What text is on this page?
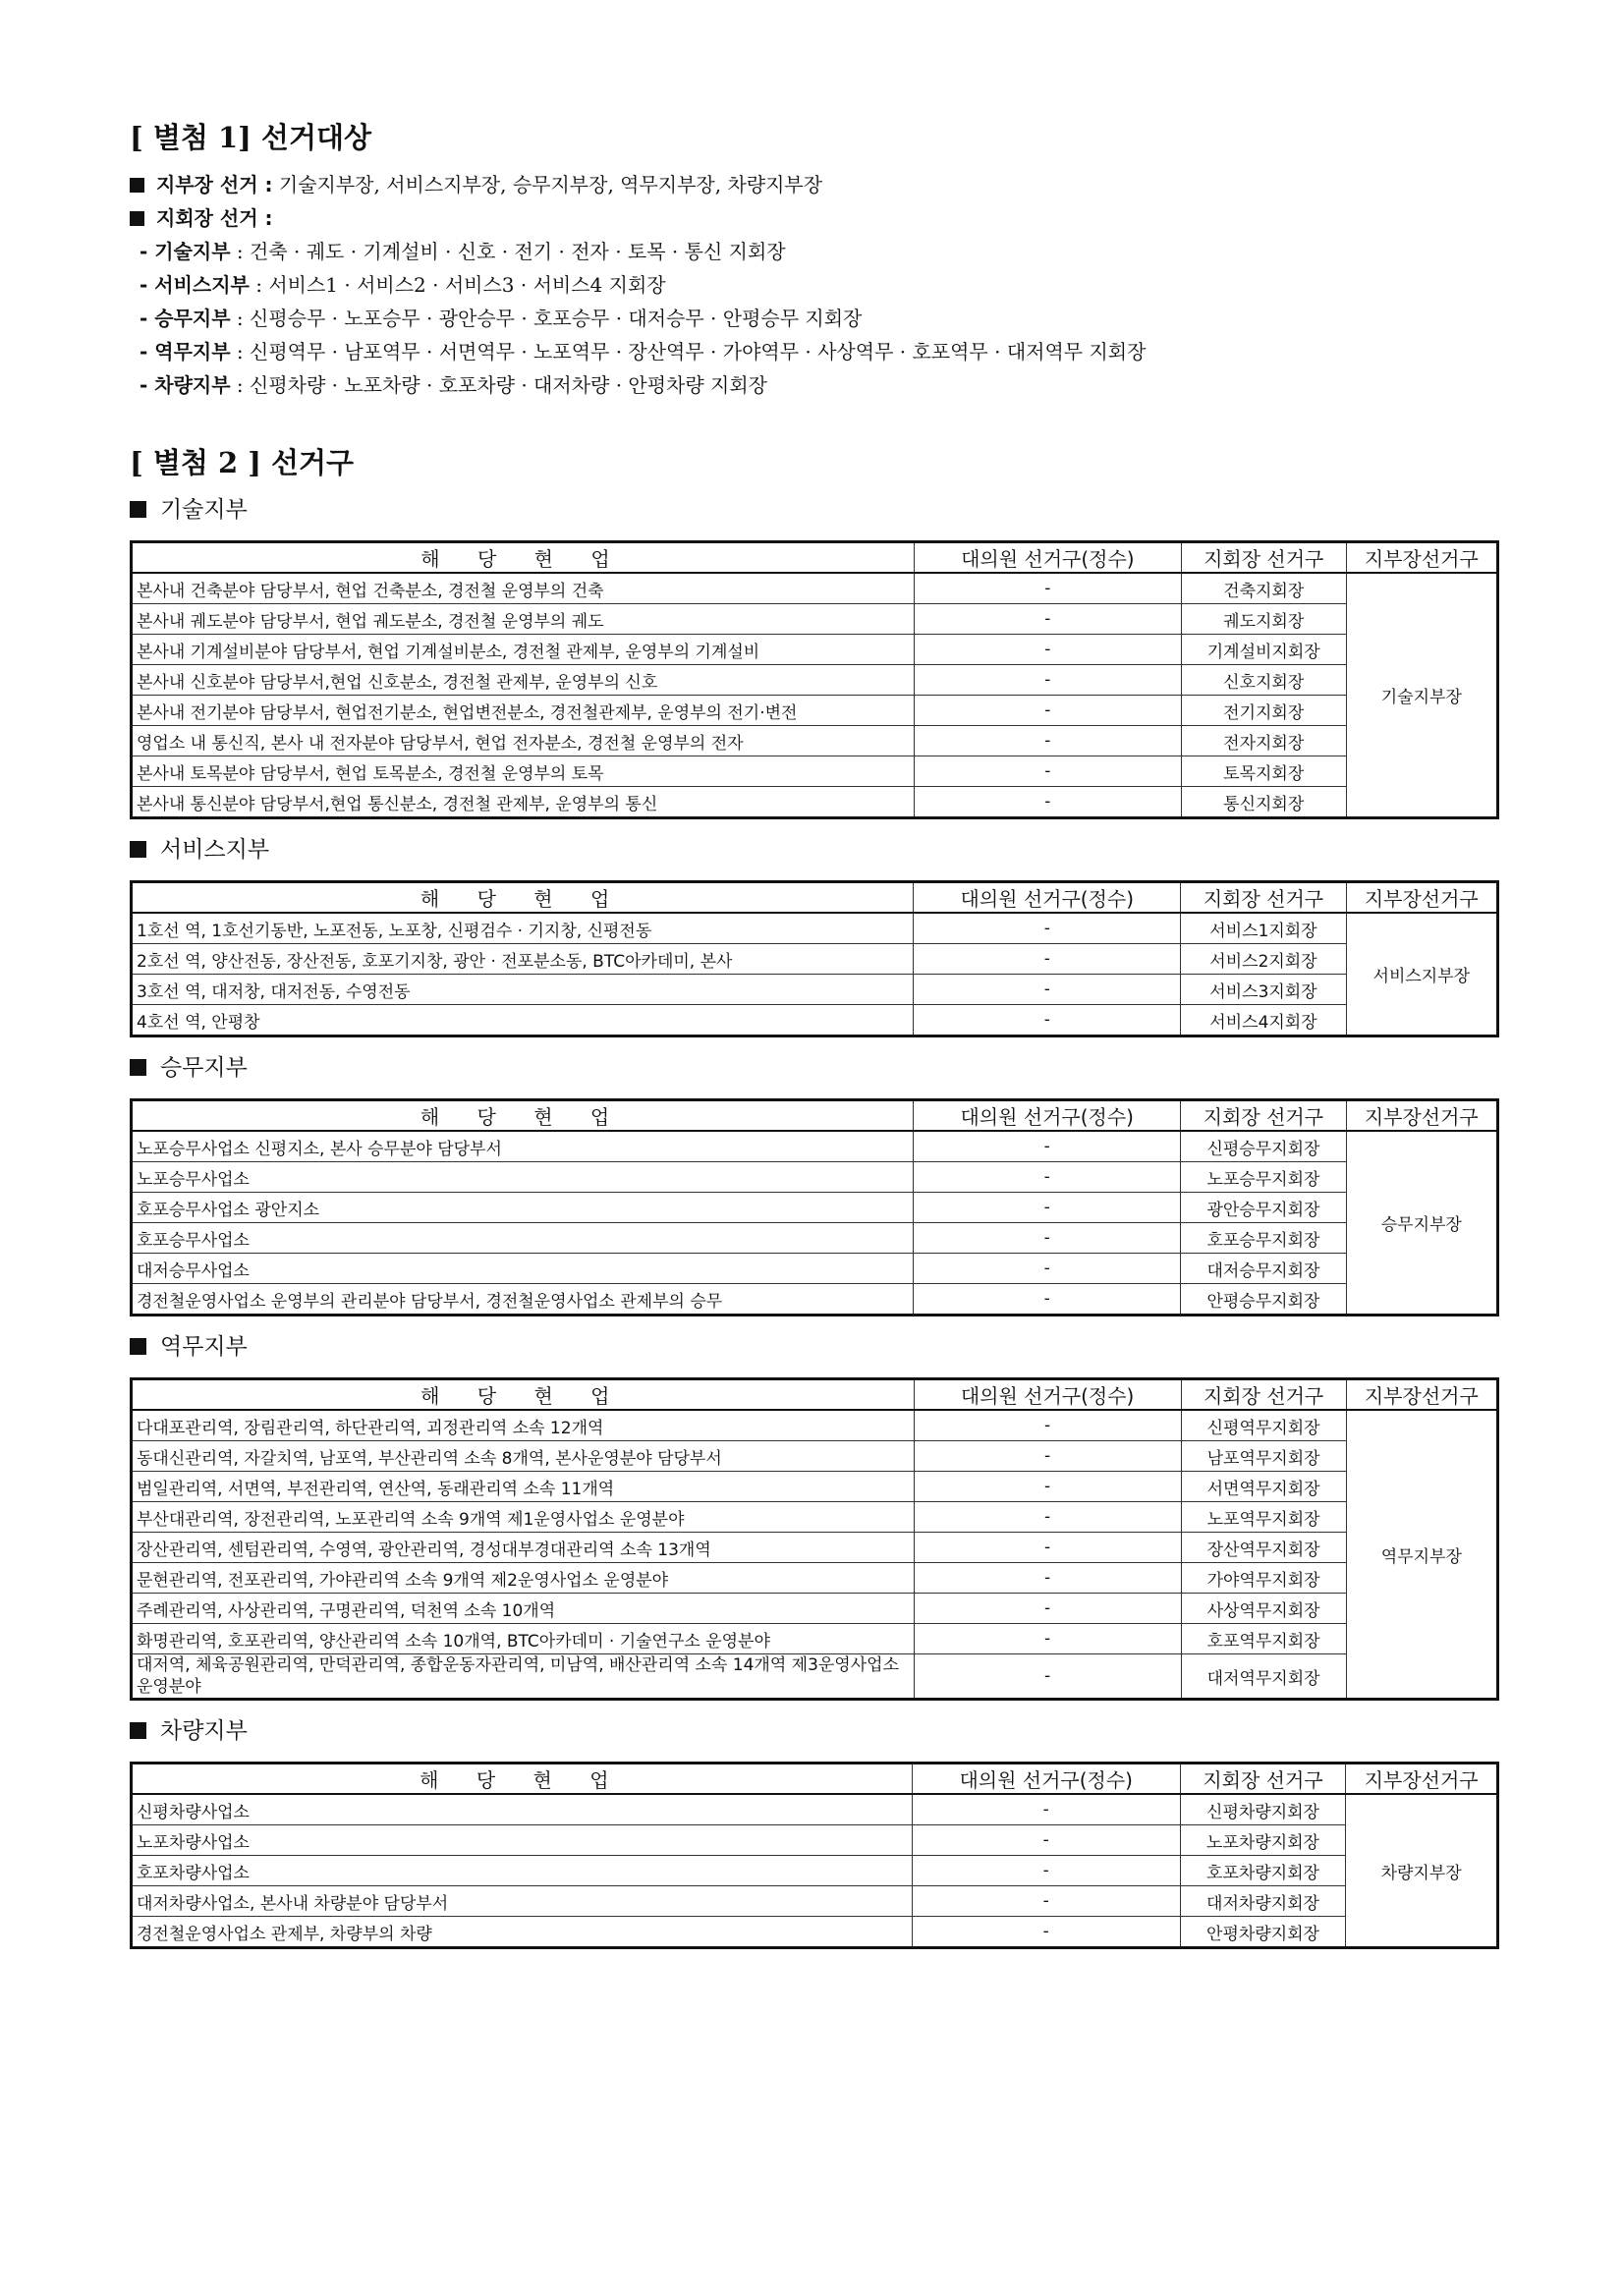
[ 별첨 1] 선거대상
지부장 선거 : 기술지부장, 서비스지부장, 승무지부장, 역무지부장, 차량지부장
지회장 선거 :
- 기술지부 : 건축 · 궤도 · 기계설비 · 신호 · 전기 · 전자 · 토목 · 통신 지회장
- 서비스지부 : 서비스1 · 서비스2 · 서비스3 · 서비스4 지회장
- 승무지부 : 신평승무 · 노포승무 · 광안승무 · 호포승무 · 대저승무 · 안평승무 지회장
- 역무지부 : 신평역무 · 남포역무 · 서면역무 · 노포역무 · 장산역무 · 가야역무 · 사상역무 · 호포역무 · 대저역무 지회장
- 차량지부 : 신평차량 · 노포차량 · 호포차량 · 대저차량 · 안평차량 지회장
[ 별첨 2 ] 선거구
기술지부
해 당 현 업	대의원 선거구(정수)	지회장 선거구	지부장선거구
본사내 건축분야 담당부서, 현업 건축분소, 경전철 운영부의 건축	-	건축지회장	기술지부장
본사내 궤도분야 담당부서, 현업 궤도분소, 경전철 운영부의 궤도	-	궤도지회장	
본사내 기계설비분야 담당부서, 현업 기계설비분소, 경전철 관제부, 운영부의 기계설비	-	기계설비지회장	
본사내 신호분야 담당부서,현업 신호분소, 경전철 관제부, 운영부의 신호	-	신호지회장	
본사내 전기분야 담당부서, 현업전기분소, 현업변전분소, 경전철관제부, 운영부의 전기·변전	-	전기지회장	
영업소 내 통신직, 본사 내 전자분야 담당부서, 현업 전자분소, 경전철 운영부의 전자	-	전자지회장	
본사내 토목분야 담당부서, 현업 토목분소, 경전철 운영부의 토목	-	토목지회장	
본사내 통신분야 담당부서,현업 통신분소, 경전철 관제부, 운영부의 통신	-	통신지회장	
서비스지부
해 당 현 업	대의원 선거구(정수)	지회장 선거구	지부장선거구
1호선 역, 1호선기동반, 노포전동, 노포창, 신평검수 · 기지창, 신평전동	-	서비스1지회장	서비스지부장
2호선 역, 양산전동, 장산전동, 호포기지창, 광안 · 전포분소동, BTC아카데미, 본사	-	서비스2지회장	
3호선 역, 대저창, 대저전동, 수영전동	-	서비스3지회장	
4호선 역, 안평창	-	서비스4지회장	
승무지부
해 당 현 업	대의원 선거구(정수)	지회장 선거구	지부장선거구
노포승무사업소 신평지소, 본사 승무분야 담당부서	-	신평승무지회장	승무지부장
노포승무사업소	-	노포승무지회장	
호포승무사업소 광안지소	-	광안승무지회장	
호포승무사업소	-	호포승무지회장	
대저승무사업소	-	대저승무지회장	
경전철운영사업소 운영부의 관리분야 담당부서, 경전철운영사업소 관제부의 승무	-	안평승무지회장	
역무지부
해 당 현 업	대의원 선거구(정수)	지회장 선거구	지부장선거구
다대포관리역, 장림관리역, 하단관리역, 괴정관리역 소속 12개역	-	신평역무지회장	역무지부장
동대신관리역, 자갈치역, 남포역, 부산관리역 소속 8개역, 본사운영분야 담당부서	-	남포역무지회장	
범일관리역, 서면역, 부전관리역, 연산역, 동래관리역 소속 11개역	-	서면역무지회장	
부산대관리역, 장전관리역, 노포관리역 소속 9개역 제1운영사업소 운영분야	-	노포역무지회장	
장산관리역, 센텀관리역, 수영역, 광안관리역, 경성대부경대관리역 소속 13개역	-	장산역무지회장	
문현관리역, 전포관리역, 가야관리역 소속 9개역 제2운영사업소 운영분야	-	가야역무지회장	
주례관리역, 사상관리역, 구명관리역, 덕천역 소속 10개역	-	사상역무지회장	
화명관리역, 호포관리역, 양산관리역 소속 10개역, BTC아카데미 · 기술연구소 운영분야	-	호포역무지회장	
대저역, 체육공원관리역, 만덕관리역, 종합운동자관리역, 미남역, 배산관리역 소속 14개역 제3운영사업소 운영분야	-	대저역무지회장	
차량지부
해 당 현 업	대의원 선거구(정수)	지회장 선거구	지부장선거구
신평차량사업소	-	신평차량지회장	차량지부장
노포차량사업소	-	노포차량지회장	
호포차량사업소	-	호포차량지회장	
대저차량사업소, 본사내 차량분야 담당부서	-	대저차량지회장	
경전철운영사업소 관제부, 차량부의 차량	-	안평차량지회장	
